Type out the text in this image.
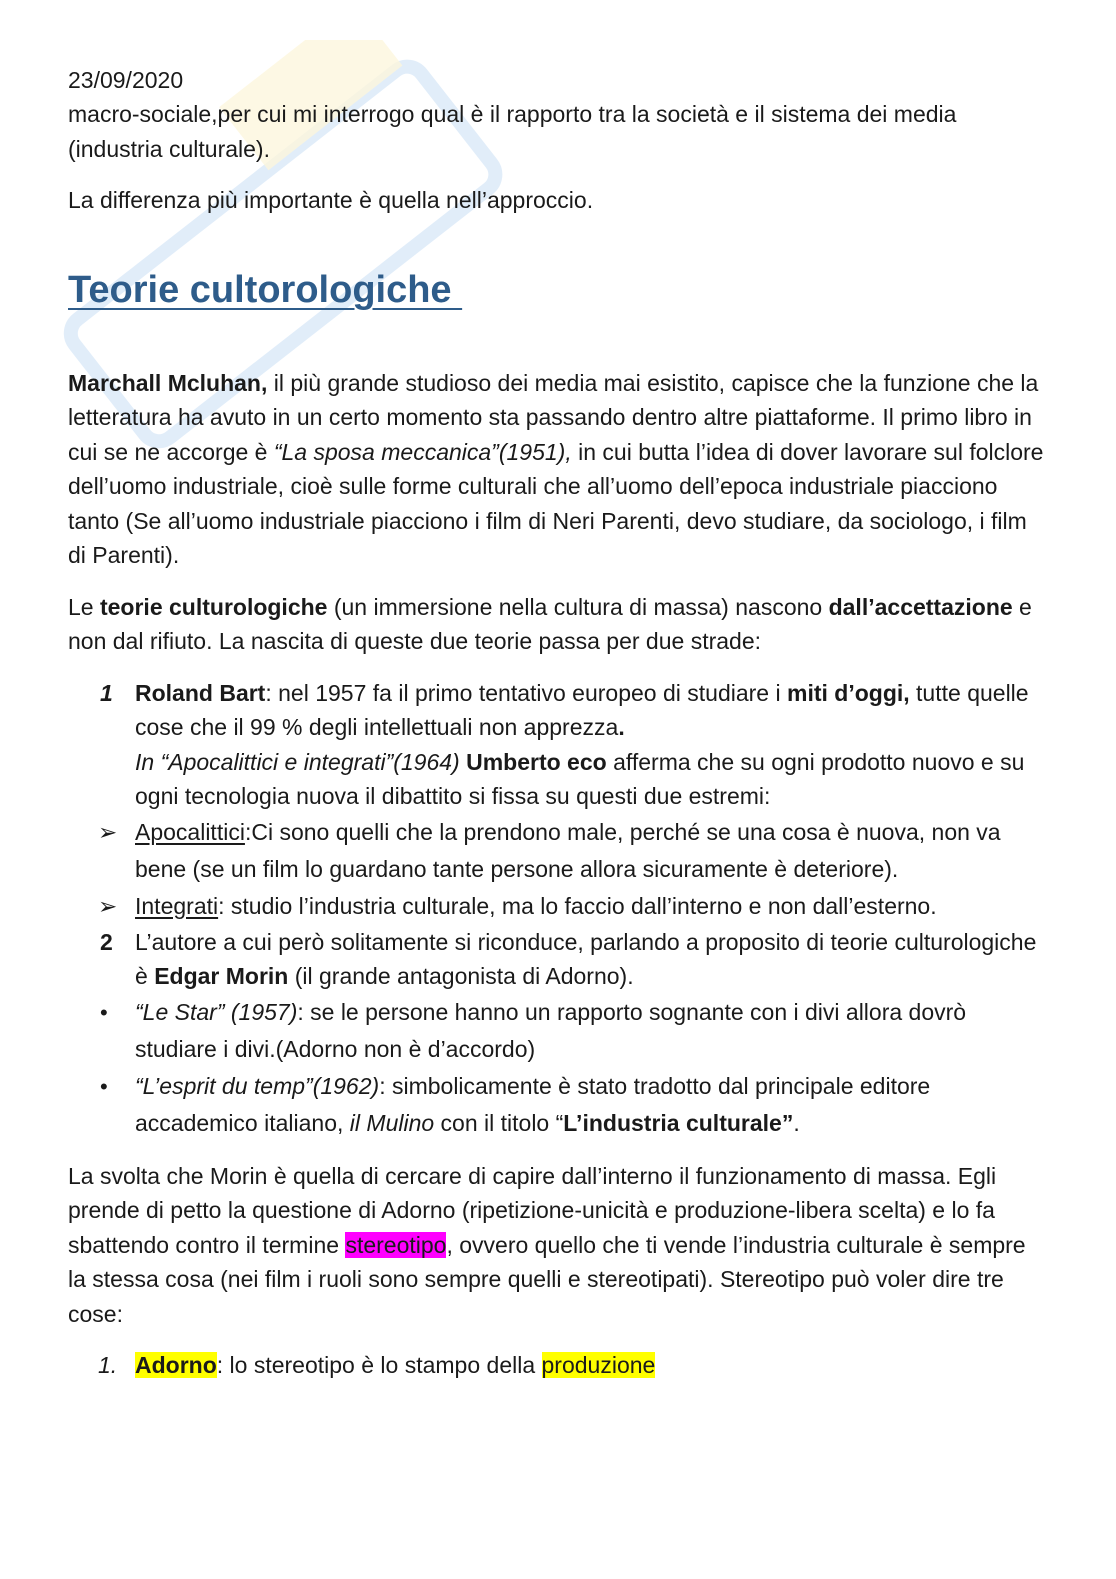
23/09/2020

macro-sociale,per cui mi interrogo qual è il rapporto tra la società e il sistema dei media (industria culturale).

La differenza più importante è quella nell’approccio.

Teorie cultorologiche

Marchall Mcluhan, il più grande studioso dei media mai esistito, capisce che la funzione che la letteratura ha avuto in un certo momento sta passando dentro altre piattaforme. Il primo libro in cui se ne accorge è “La sposa meccanica”(1951), in cui butta l’idea di dover lavorare sul folclore dell’uomo industriale, cioè sulle forme culturali che all’uomo dell’epoca industriale piacciono tanto (Se all’uomo industriale piacciono i film di Neri Parenti, devo studiare, da sociologo, i film di Parenti).

Le teorie culturologiche (un immersione nella cultura di massa) nascono dall’accettazione e non dal rifiuto. La nascita di queste due teorie passa per due strade:

1 Roland Bart: nel 1957 fa il primo tentativo europeo di studiare i miti d’oggi, tutte quelle cose che il 99 % degli intellettuali non apprezza.
In “Apocalittici e integrati”(1964) Umberto eco afferma che su ogni prodotto nuovo e su ogni tecnologia nuova il dibattito si fissa su questi due estremi:
➢ Apocalittici:Ci sono quelli che la prendono male, perché se una cosa è nuova, non va bene (se un film lo guardano tante persone allora sicuramente è deteriore).
➢ Integrati: studio l’industria culturale, ma lo faccio dall’interno e non dall’esterno.
2 L’autore a cui però solitamente si riconduce, parlando a proposito di teorie culturologiche è Edgar Morin (il grande antagonista di Adorno).
• “Le Star” (1957): se le persone hanno un rapporto sognante con i divi allora dovrò studiare i divi.(Adorno non è d’accordo)
• “L’esprit du temp”(1962): simbolicamente è stato tradotto dal principale editore accademico italiano, il Mulino con il titolo “L’industria culturale”.

La svolta che Morin è quella di cercare di capire dall’interno il funzionamento di massa. Egli prende di petto la questione di Adorno (ripetizione-unicità e produzione-libera scelta) e lo fa sbattendo contro il termine stereotipo, ovvero quello che ti vende l’industria culturale è sempre la stessa cosa (nei film i ruoli sono sempre quelli e stereotipati). Stereotipo può voler dire tre cose:

1. Adorno: lo stereotipo è lo stampo della produzione
